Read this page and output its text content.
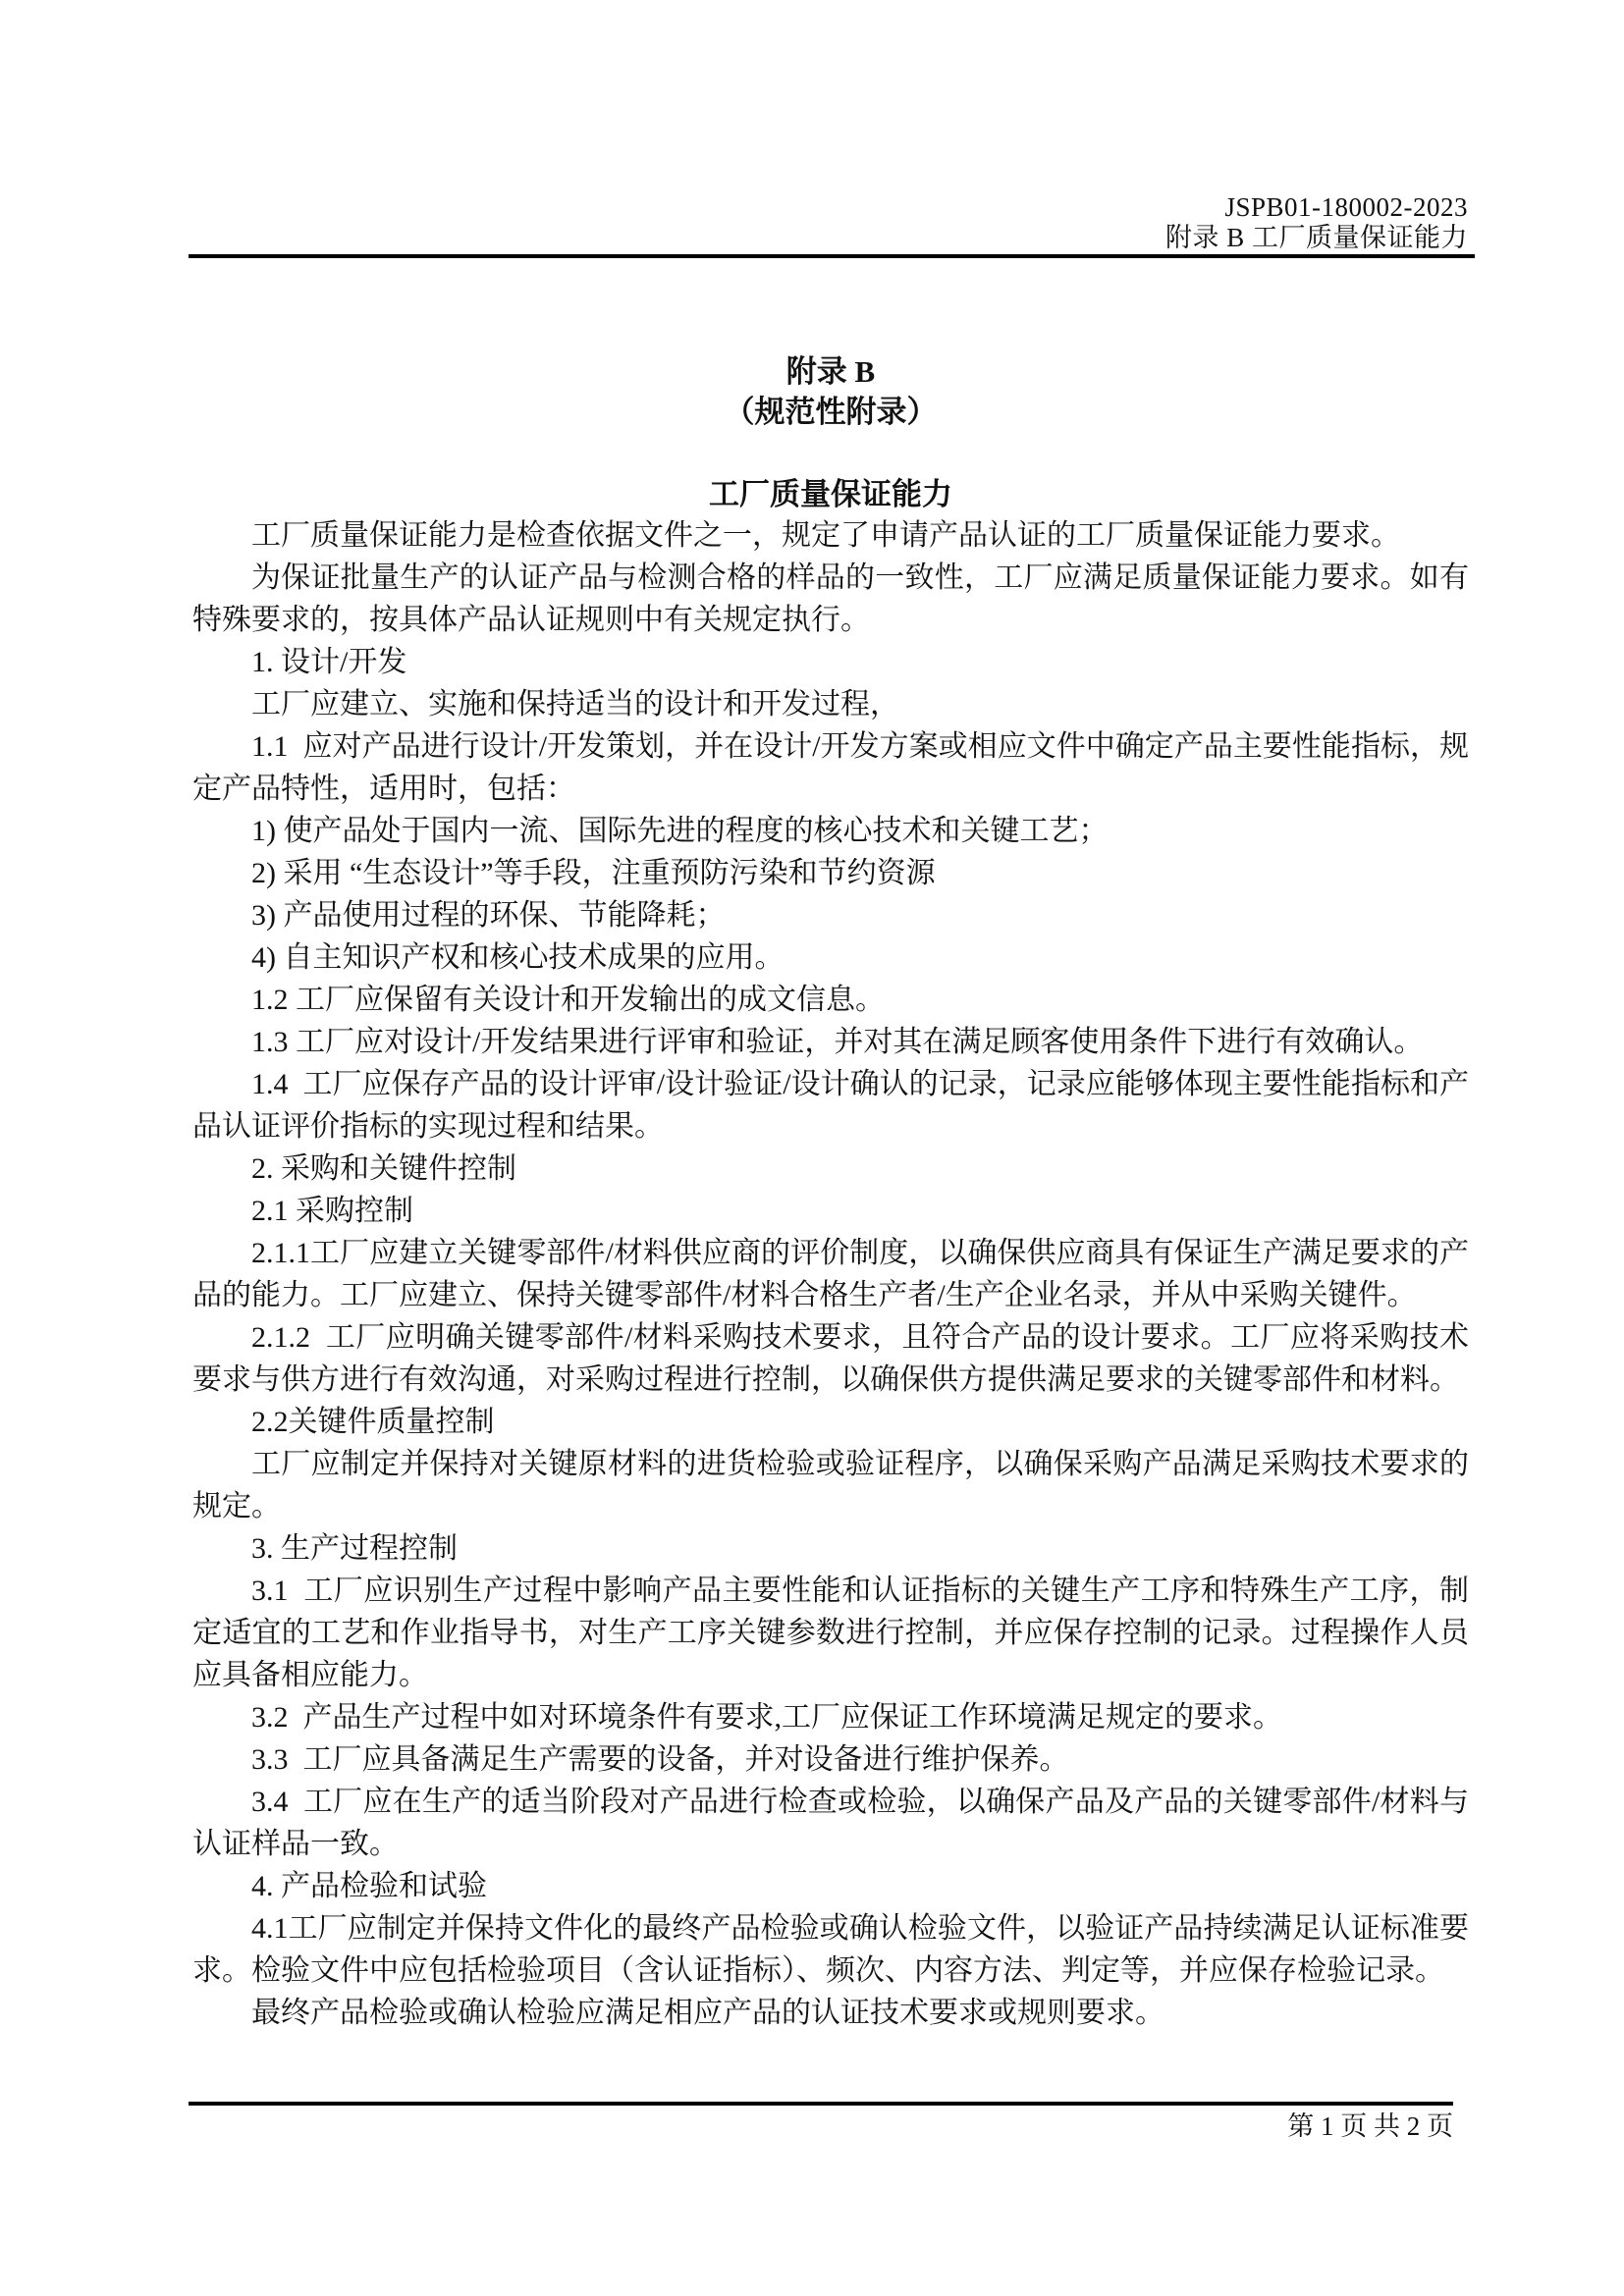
JSPB01-180002-2023
附录 B 工厂质量保证能力
附录 B
（规范性附录）
工厂质量保证能力

工厂质量保证能力是检查依据文件之一，规定了申请产品认证的工厂质量保证能力要求。

为保证批量生产的认证产品与检测合格的样品的一致性，工厂应满足质量保证能力要求。如有特殊要求的，按具体产品认证规则中有关规定执行。

1. 设计/开发

工厂应建立、实施和保持适当的设计和开发过程，

1.1  应对产品进行设计/开发策划，并在设计/开发方案或相应文件中确定产品主要性能指标，规定产品特性，适用时，包括：

1) 使产品处于国内一流、国际先进的程度的核心技术和关键工艺；

2) 采用 “生态设计”等手段，注重预防污染和节约资源

3) 产品使用过程的环保、节能降耗；

4) 自主知识产权和核心技术成果的应用。

1.2 工厂应保留有关设计和开发输出的成文信息。

1.3 工厂应对设计/开发结果进行评审和验证，并对其在满足顾客使用条件下进行有效确认。

1.4  工厂应保存产品的设计评审/设计验证/设计确认的记录，记录应能够体现主要性能指标和产品认证评价指标的实现过程和结果。

2. 采购和关键件控制

2.1 采购控制

2.1.1工厂应建立关键零部件/材料供应商的评价制度，以确保供应商具有保证生产满足要求的产品的能力。工厂应建立、保持关键零部件/材料合格生产者/生产企业名录，并从中采购关键件。

2.1.2  工厂应明确关键零部件/材料采购技术要求，且符合产品的设计要求。工厂应将采购技术要求与供方进行有效沟通，对采购过程进行控制，以确保供方提供满足要求的关键零部件和材料。

2.2关键件质量控制

工厂应制定并保持对关键原材料的进货检验或验证程序，以确保采购产品满足采购技术要求的规定。

3. 生产过程控制

3.1  工厂应识别生产过程中影响产品主要性能和认证指标的关键生产工序和特殊生产工序，制定适宜的工艺和作业指导书，对生产工序关键参数进行控制，并应保存控制的记录。过程操作人员应具备相应能力。

3.2  产品生产过程中如对环境条件有要求,工厂应保证工作环境满足规定的要求。

3.3  工厂应具备满足生产需要的设备，并对设备进行维护保养。

3.4  工厂应在生产的适当阶段对产品进行检查或检验，以确保产品及产品的关键零部件/材料与认证样品一致。

4. 产品检验和试验

4.1工厂应制定并保持文件化的最终产品检验或确认检验文件，以验证产品持续满足认证标准要求。检验文件中应包括检验项目（含认证指标）、频次、内容方法、判定等，并应保存检验记录。

最终产品检验或确认检验应满足相应产品的认证技术要求或规则要求。

第 1 页 共 2 页
